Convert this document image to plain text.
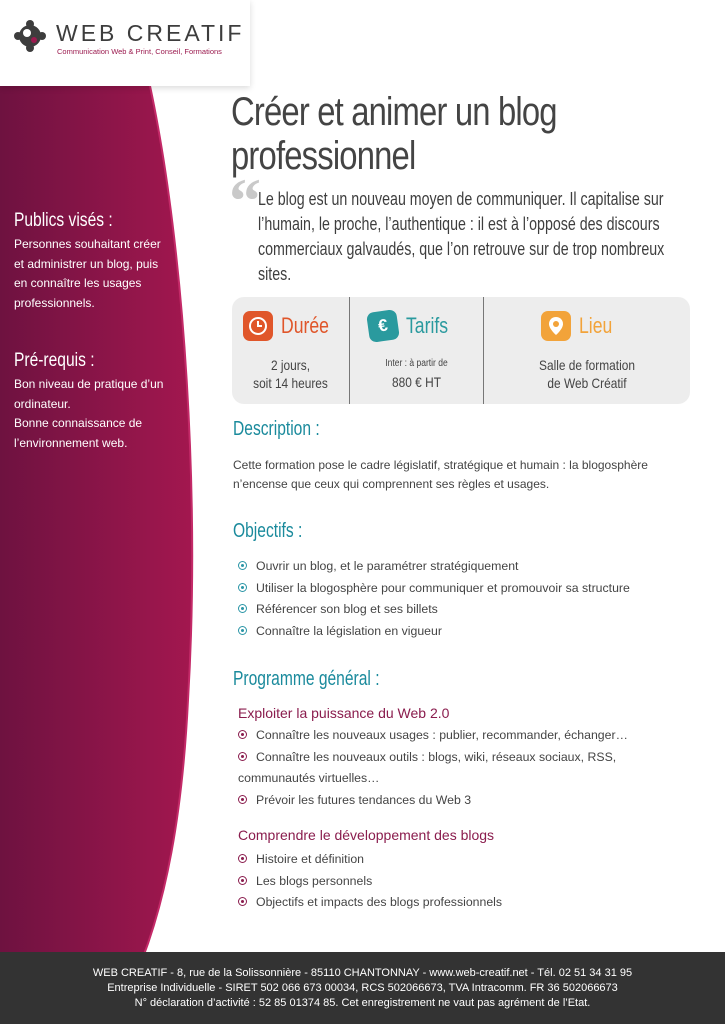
WEB CREATIF
Communication Web & Print, Conseil, Formations
Publics visés :
Personnes souhaitant créer
et administrer un blog, puis
en connaître les usages
professionnels.
Pré-requis :
Bon niveau de pratique d’un
ordinateur.
Bonne connaissance de
l’environnement web.
Créer et animer un blog
professionnel
“
Le blog est un nouveau moyen de communiquer. Il capitalise sur l’humain, le proche, l’authentique : il est à l’opposé des discours commerciaux galvaudés, que l’on retrouve sur de trop nombreux sites.
Durée
2 jours,
soit 14 heures
€ Tarifs
Inter : à partir de
880 € HT
Lieu
Salle de formation
de Web Créatif
Description :
Cette formation pose le cadre législatif, stratégique et humain : la blogosphère n’encense que ceux qui comprennent ses règles et usages.
Objectifs :
Ouvrir un blog, et le paramétrer stratégiquement
Utiliser la blogosphère pour communiquer et promouvoir sa structure
Référencer son blog et ses billets
Connaître la législation en vigueur
Programme général :
Exploiter la puissance du Web 2.0
Connaître les nouveaux usages : publier, recommander, échanger…
Connaître les nouveaux outils : blogs, wiki, réseaux sociaux, RSS,
communautés virtuelles…
Prévoir les futures tendances du Web 3
Comprendre le développement des blogs
Histoire et définition
Les blogs personnels
Objectifs et impacts des blogs professionnels
WEB CREATIF - 8, rue de la Solissonnière - 85110 CHANTONNAY - www.web-creatif.net - Tél. 02 51 34 31 95
Entreprise Individuelle - SIRET 502 066 673 00034, RCS 502066673, TVA Intracomm. FR 36 502066673
N° déclaration d’activité : 52 85 01374 85. Cet enregistrement ne vaut pas agrément de l’Etat.
